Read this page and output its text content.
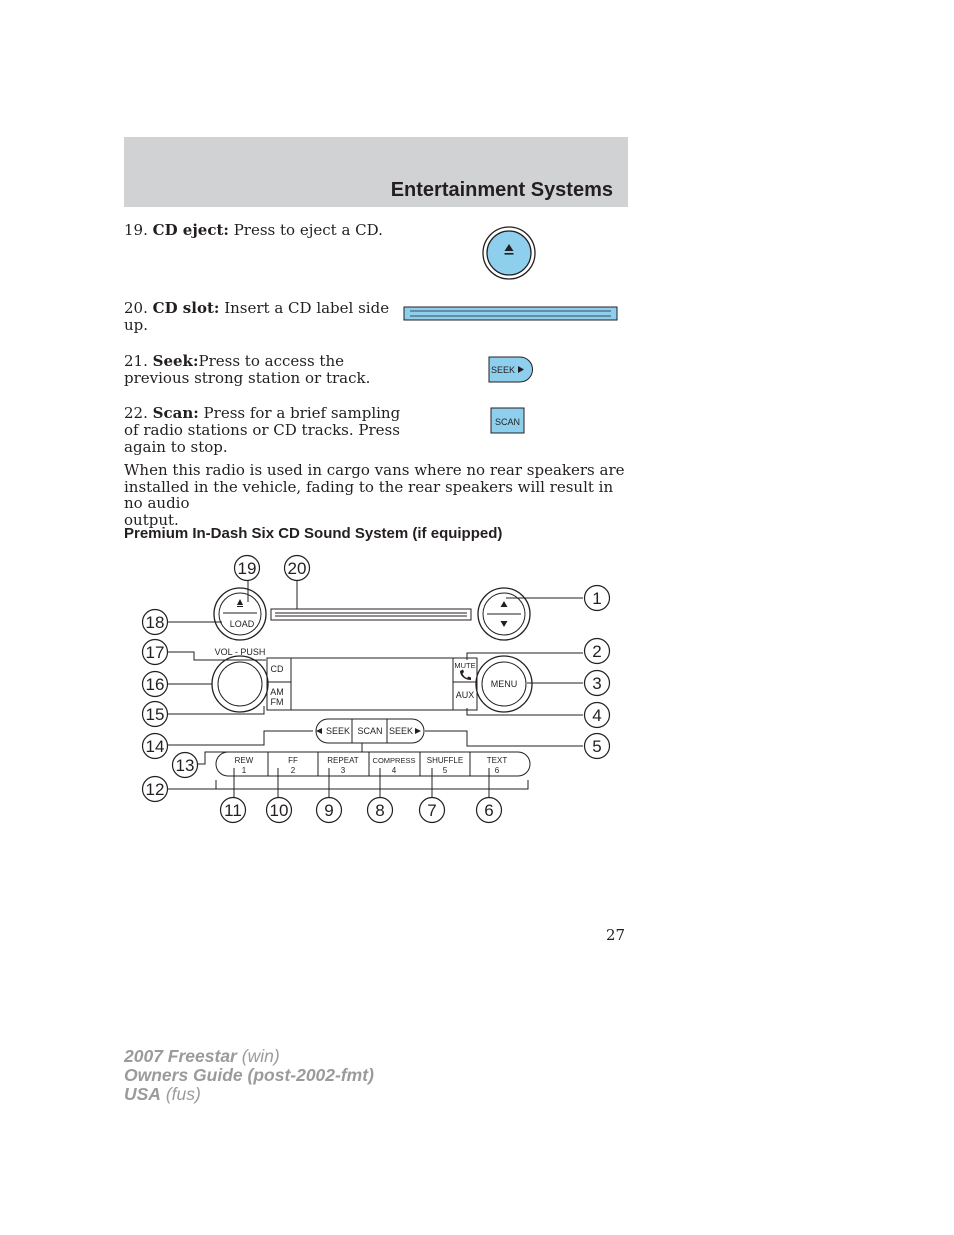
Entertainment Systems
19. CD eject: Press to eject a CD.
20. CD slot: Insert a CD label side
up.
21. Seek:Press to access the
previous strong station or track.
22. Scan: Press for a brief sampling
of radio stations or CD tracks. Press
again to stop.
SEEK
SCAN
When this radio is used in cargo vans where no rear speakers are
installed in the vehicle, fading to the rear speakers will result in no audio
output.
Premium In-Dash Six CD Sound System (if equipped)
LOAD
VOL - PUSH
CD
AM
FM
MUTE
AUX
MENU
SEEK SCAN SEEK
REW
1
FF
2
REPEAT
3
COMPRESS
4
SHUFFLE
5
TEXT
6
1
2
3
4
5
6
7
8
9
10
11
12
13
14
15
16
17
18
19 20
27
2007 Freestar (win)
Owners Guide (post-2002-fmt)
USA (fus)
